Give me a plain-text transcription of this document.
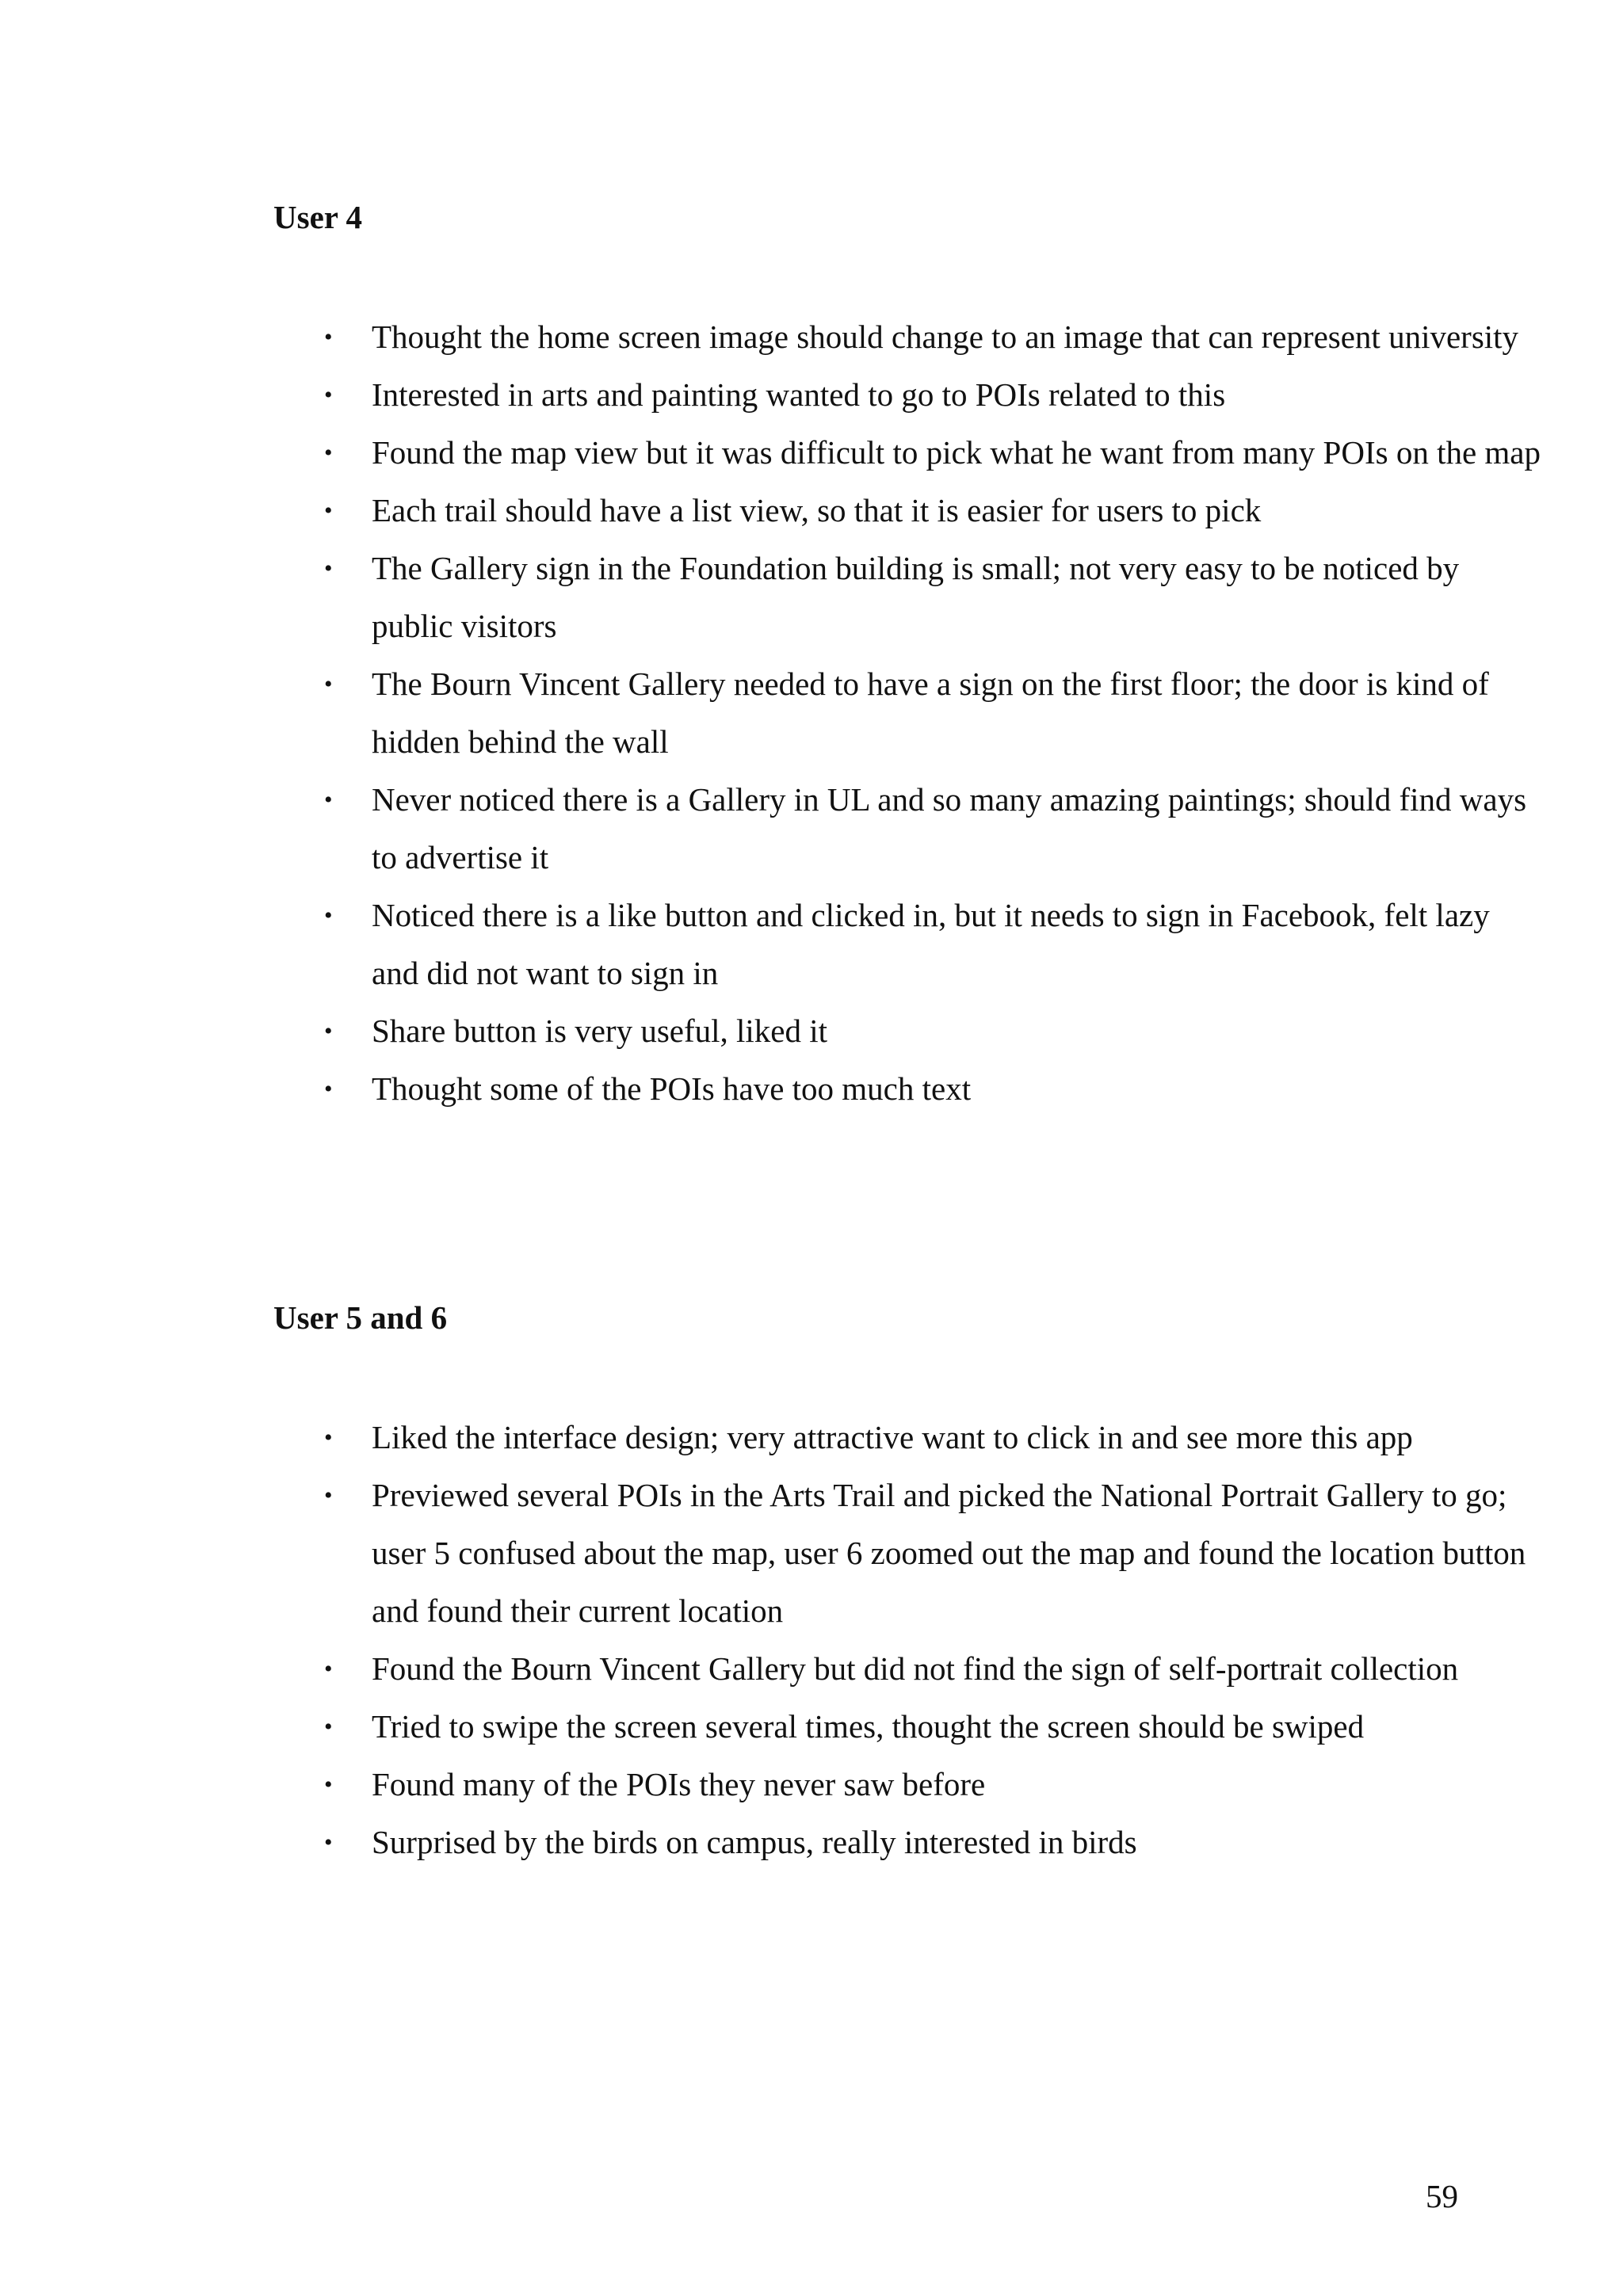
User 4
•	Thought the home screen image should change to an image that can represent university
•	Interested in arts and painting wanted to go to POIs related to this
•	Found the map view but it was difficult to pick what he want from many POIs on the map
•	Each trail should have a list view, so that it is easier for users to pick
•	The Gallery sign in the Foundation building is small; not very easy to be noticed by public visitors
•	The Bourn Vincent Gallery needed to have a sign on the first floor; the door is kind of hidden behind the wall
•	Never noticed there is a Gallery in UL and so many amazing paintings; should find ways to advertise it
•	Noticed there is a like button and clicked in, but it needs to sign in Facebook, felt lazy and did not want to sign in
•	Share button is very useful, liked it
•	Thought some of the POIs have too much text
User 5 and 6
•	Liked the interface design; very attractive want to click in and see more this app
•	Previewed several POIs in the Arts Trail and picked the National Portrait Gallery to go; user 5 confused about the map, user 6 zoomed out the map and found the location button and found their current location
•	Found the Bourn Vincent Gallery but did not find the sign of self-portrait collection
•	Tried to swipe the screen several times, thought the screen should be swiped
•	Found many of the POIs they never saw before
•	Surprised by the birds on campus, really interested in birds
59
